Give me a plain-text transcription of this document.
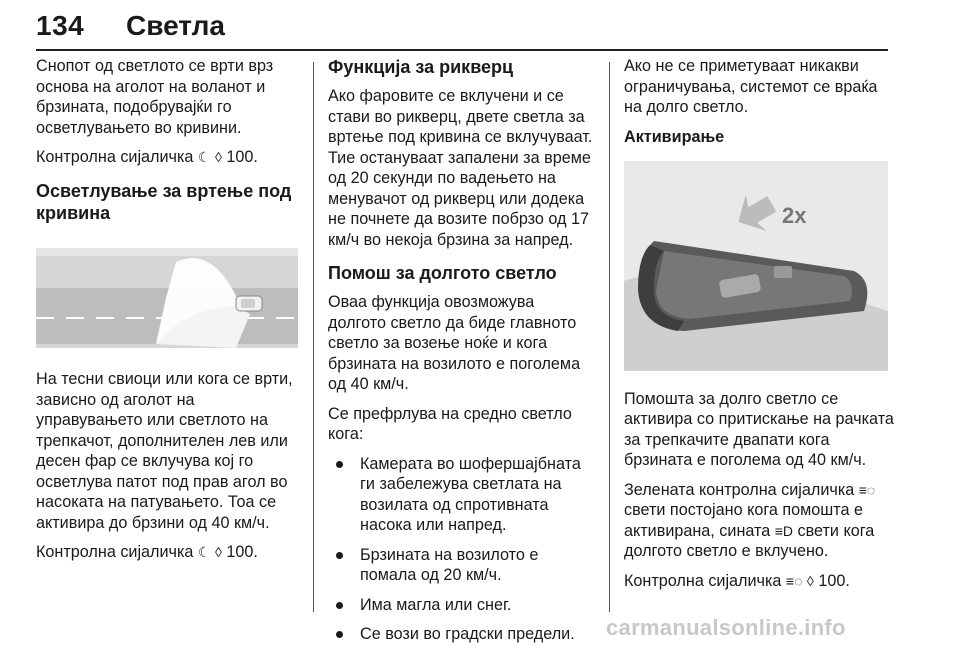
134 Светла

Снопот од светлото се врти врз основа на аголот на воланот и брзината, подобрувајќи го осветлувањето во кривини.

Контролна сијаличка ☾ ◊ 100.

Осветлување за вртење под кривина

На тесни свиоци или кога се врти, зависно од аголот на управувањето или светлото на трепкачот, дополнителен лев или десен фар се вклучува кој го осветлува патот под прав агол во насоката на патувањето. Тоа се активира до брзини од 40 км/ч.

Контролна сијаличка ☾ ◊ 100.

Функција за рикверц

Ако фаровите се вклучени и се стави во рикверц, двете светла за вртење под кривина се вклучуваат. Тие остануваат запалени за време од 20 секунди по вадењето на менувачот од рикверц или додека не почнете да возите побрзо од 17 км/ч во некоја брзина за напред.

Помош за долгото светло

Оваа функција овозможува долгото светло да биде главното светло за возење ноќе и кога брзината на возилото е поголема од 40 км/ч.

Се префрлува на средно светло кога:

Камерата во шофершајбната ги забележува светлата на возилата од спротивната насока или напред.
Брзината на возилото е помала од 20 км/ч.
Има магла или снег.
Се вози во градски предели.

Ако не се приметуваат никакви ограничувања, системот се враќа на долго светло.

Активирање
2x

Помошта за долго светло се активира со притискање на рачката за трепкачите двапати кога брзината е поголема од 40 км/ч.

Зелената контролна сијаличка ≡◌ свети постојано кога помошта е активирана, сината ≡D свети кога долгото светло е вклучено.

Контролна сијаличка ≡◌ ◊ 100.

carmanualsonline.info
